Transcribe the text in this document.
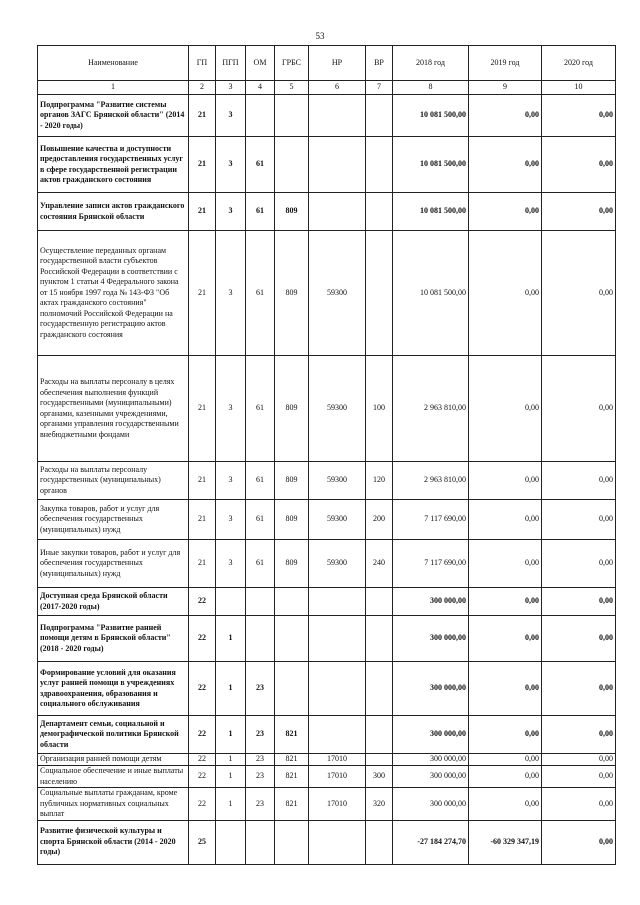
53
Наименование	ГП	ПГП	ОМ	ГРБС	НР	ВР	2018 год	2019 год	2020 год
1	2	3	4	5	6	7	8	9	10
Подпрограмма "Развитие системы органов ЗАГС Брянской области" (2014 - 2020 годы)	21	3					10 081 500,00	0,00	0,00
Повышение качества и доступности предоставления государственных услуг в сфере государственной регистрации актов гражданского состояния	21	3	61				10 081 500,00	0,00	0,00
Управление записи актов гражданского состояния Брянской области	21	3	61	809			10 081 500,00	0,00	0,00
Осуществление переданных органам государственной власти субъектов Российской Федерации в соответствии с пунктом 1 статьи 4 Федерального закона от 15 ноября 1997 года № 143-ФЗ "Об актах гражданского состояния" полномочий Российской Федерации на государственную регистрацию актов гражданского состояния	21	3	61	809	59300		10 081 500,00	0,00	0,00
Расходы на выплаты персоналу в целях обеспечения выполнения функций государственными (муниципальными) органами, казенными учреждениями, органами управления государственными внебюджетными фондами	21	3	61	809	59300	100	2 963 810,00	0,00	0,00
Расходы на выплаты персоналу государственных (муниципальных) органов	21	3	61	809	59300	120	2 963 810,00	0,00	0,00
Закупка товаров, работ и услуг для обеспечения государственных (муниципальных) нужд	21	3	61	809	59300	200	7 117 690,00	0,00	0,00
Иные закупки товаров, работ и услуг для обеспечения государственных (муниципальных) нужд	21	3	61	809	59300	240	7 117 690,00	0,00	0,00
Доступная среда Брянской области (2017-2020 годы)	22						300 000,00	0,00	0,00
Подпрограмма "Развитие ранней помощи детям в Брянской области" (2018 - 2020 годы)	22	1					300 000,00	0,00	0,00
Формирование условий для оказания услуг ранней помощи в учреждениях здравоохранения, образования и социального обслуживания	22	1	23				300 000,00	0,00	0,00
Департамент семьи, социальной и демографической политики Брянской области	22	1	23	821			300 000,00	0,00	0,00
Организация ранней помощи детям	22	1	23	821	17010		300 000,00	0,00	0,00
Социальное обеспечение и иные выплаты населению	22	1	23	821	17010	300	300 000,00	0,00	0,00
Социальные выплаты гражданам, кроме публичных нормативных социальных выплат	22	1	23	821	17010	320	300 000,00	0,00	0,00
Развитие физической культуры и спорта Брянской области (2014 - 2020 годы)	25						-27 184 274,70	-60 329 347,19	0,00
